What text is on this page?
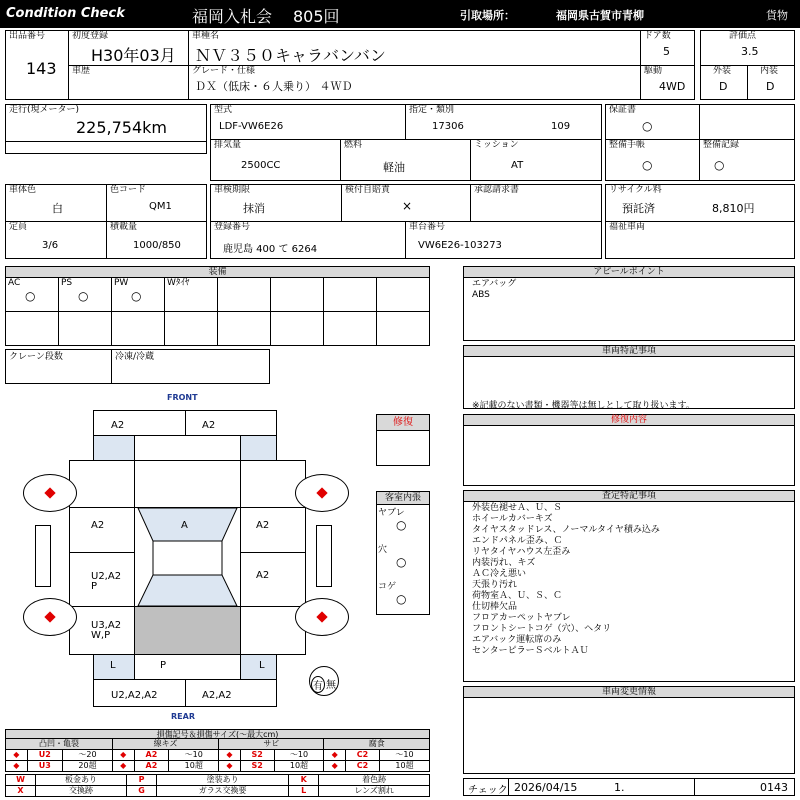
Condition Check	福岡入札会 805回	引取場所：	福岡県古賀市青柳	貨物
出品番号
143
初度登録
H30年03月
車歴
車種名
ＮＶ３５０キャラバンバン
グレード・仕様
ＤＸ（低床・６人乗り） ４ＷＤ
ドア数
5
駆動
4WD
評価点
3.5
外装
D
内装
D
走行(現メーター)
225,754km
型式
LDF-VW6E26
指定・類別
17306	109
保証書
○
排気量
2500CC
燃料
軽油
ミッション
AT
整備手帳
○
整備記録
○
車体色
白
色コード
QM1
車検期限
抹消
検付自賠責
×
承認請求書	リサイクル料
預託済	8,810円
定員
3/6
積載量
1000/850
登録番号
鹿児島 400 て 6264
車台番号
VW6E26-103273
福祉車両
装備
AC
○
PS
○
PW
○
Wﾀｲﾔ
クレーン段数	冷凍/冷蔵
FRONT
REAR
有 無
A2	A2
A
A2	A2
U2,A2
P
A2
U3,A2
W,P
L	P	L
U2,A2,A2	A2,A2
修復
客室内張
ヤブレ
○
穴
○
コゲ
○
損傷記号＆損傷サイズ(～最大cm)
凸凹・亀裂			線キズ			サビ			腐食		
◆	U2	～20	◆	A2	～10	◆	S2	～10	◆	C2	～10
◆	U3	20超	◆	A2	10超	◆	S2	10超	◆	C2	10超
W	板金あり	P	塗装あり	K	着色跡
X	交換跡	G	ガラス交換要	L	レンズ割れ
アピールポイント
エアバッグ
ABS
車両特記事項
※記載のない書類・機器等は無しとして取り扱います。
修復内容
査定特記事項
外装色褪せＡ、Ｕ、Ｓ
ホイールカバーキズ
タイヤスタッドレス、ノーマルタイヤ積み込み
エンドパネル歪み、Ｃ
リヤタイヤハウス左歪み
内装汚れ、キズ
ＡＣ冷え悪い
天張り汚れ
荷物室Ａ、Ｕ、Ｓ、Ｃ
仕切棒欠品
フロアカーペットヤブレ
フロントシートコゲ（穴）、ヘタリ
エアバック運転席のみ
センターピラーＳベルトＡＵ
車両変更情報
チェック 2026/04/15	1.	0143
